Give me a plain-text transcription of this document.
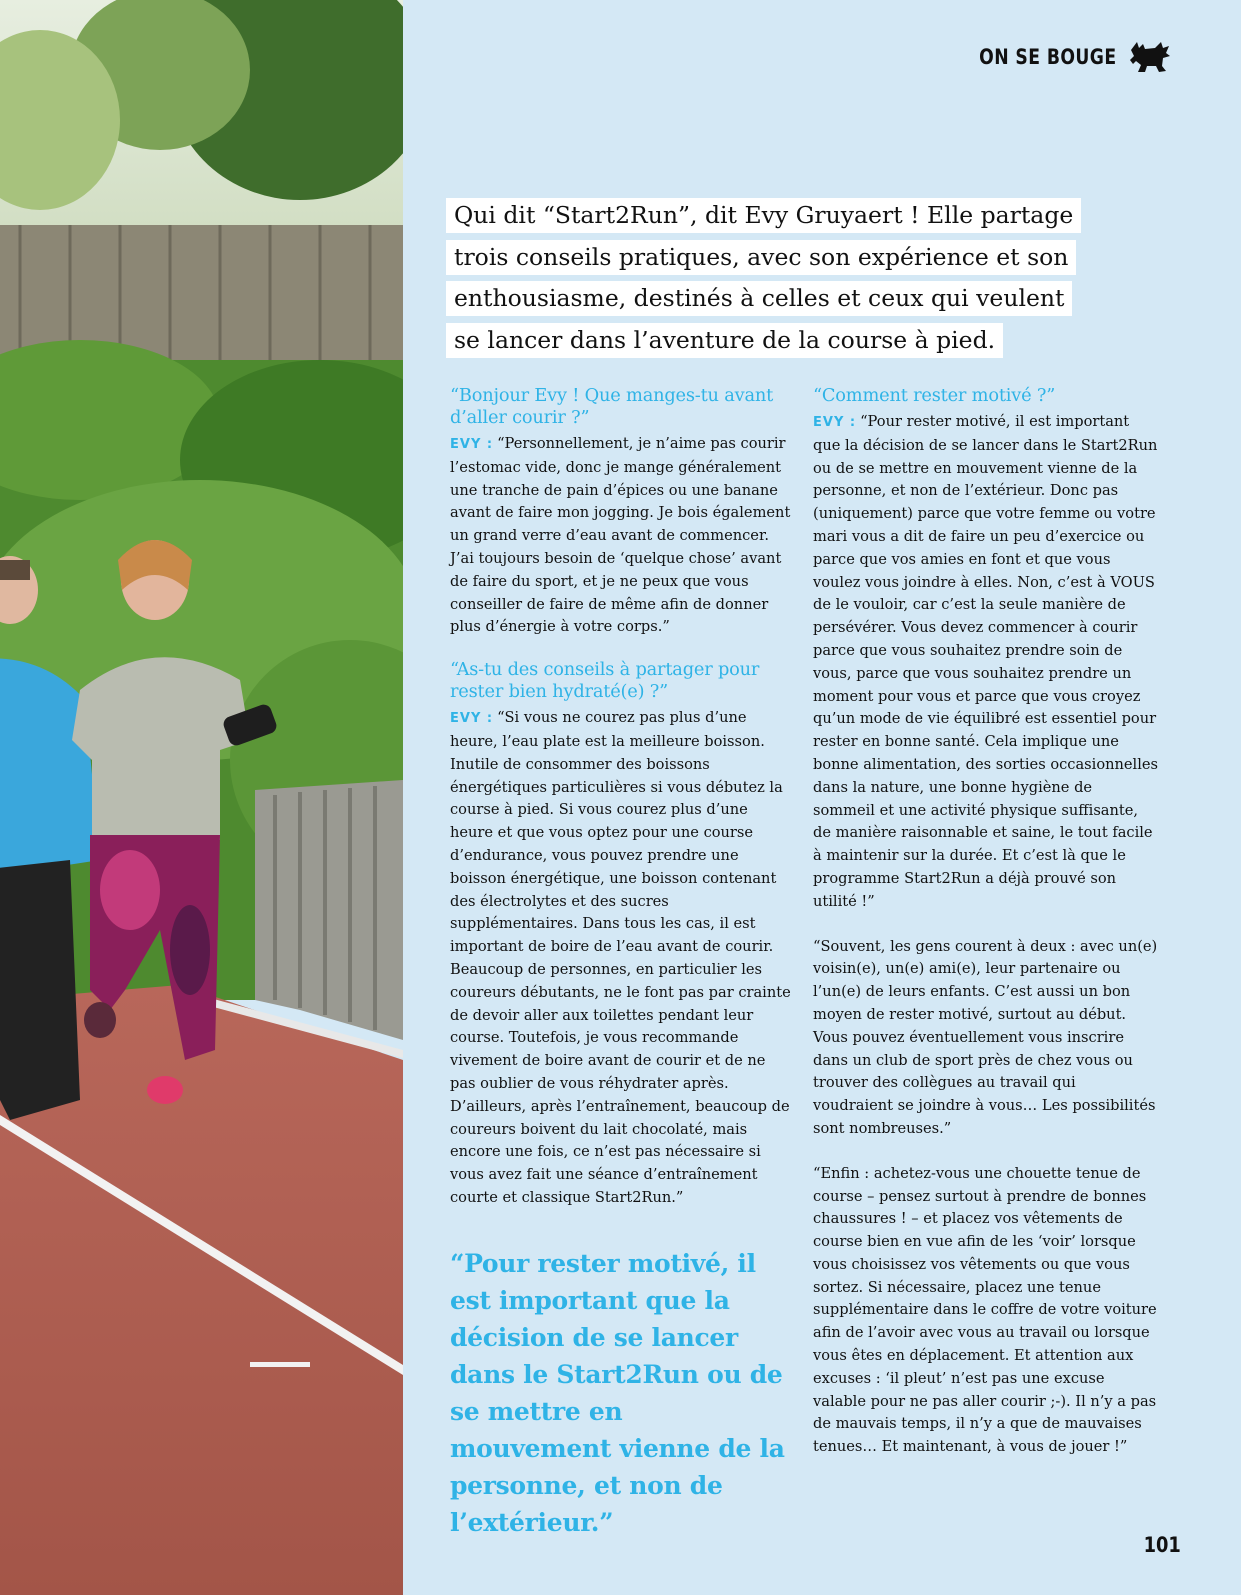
ON SE BOUGE
Qui dit “Start2Run”, dit Evy Gruyaert ! Elle partage
trois conseils pratiques, avec son expérience et son
enthousiasme, destinés à celles et ceux qui veulent
se lancer dans l’aventure de la course à pied.
“Bonjour Evy ! Que manges-tu avant d’aller courir ?”
EVY : “Personnellement, je n’aime pas courir l’estomac vide, donc je mange généralement une tranche de pain d’épices ou une banane avant de faire mon jogging. Je bois également un grand verre d’eau avant de commencer. J’ai toujours besoin de ‘quelque chose’ avant de faire du sport, et je ne peux que vous conseiller de faire de même afin de donner plus d’énergie à votre corps.”
“As-tu des conseils à partager pour rester bien hydraté(e) ?”
EVY : “Si vous ne courez pas plus d’une heure, l’eau plate est la meilleure boisson. Inutile de consommer des boissons énergétiques particulières si vous débutez la course à pied. Si vous courez plus d’une heure et que vous optez pour une course d’endurance, vous pouvez prendre une boisson énergétique, une boisson contenant des électrolytes et des sucres supplémentaires. Dans tous les cas, il est important de boire de l’eau avant de courir. Beaucoup de personnes, en particulier les coureurs débutants, ne le font pas par crainte de devoir aller aux toilettes pendant leur course. Toutefois, je vous recommande vivement de boire avant de courir et de ne pas oublier de vous réhydrater après. D’ailleurs, après l’entraînement, beaucoup de coureurs boivent du lait chocolaté, mais encore une fois, ce n’est pas nécessaire si vous avez fait une séance d’entraînement courte et classique Start2Run.”
“Pour rester motivé, il est important que la décision de se lancer dans le Start2Run ou de se mettre en mouvement vienne de la personne, et non de l’extérieur.”
“Comment rester motivé ?”
EVY : “Pour rester motivé, il est important que la décision de se lancer dans le Start2Run ou de se mettre en mouvement vienne de la personne, et non de l’extérieur. Donc pas (uniquement) parce que votre femme ou votre mari vous a dit de faire un peu d’exercice ou parce que vos amies en font et que vous voulez vous joindre à elles. Non, c’est à VOUS de le vouloir, car c’est la seule manière de persévérer. Vous devez commencer à courir parce que vous souhaitez prendre soin de vous, parce que vous souhaitez prendre un moment pour vous et parce que vous croyez qu’un mode de vie équilibré est essentiel pour rester en bonne santé. Cela implique une bonne alimentation, des sorties occasionnelles dans la nature, une bonne hygiène de sommeil et une activité physique suffisante, de manière raisonnable et saine, le tout facile à maintenir sur la durée. Et c’est là que le programme Start2Run a déjà prouvé son utilité !”
“Souvent, les gens courent à deux : avec un(e) voisin(e), un(e) ami(e), leur partenaire ou l’un(e) de leurs enfants. C’est aussi un bon moyen de rester motivé, surtout au début. Vous pouvez éventuellement vous inscrire dans un club de sport près de chez vous ou trouver des collègues au travail qui voudraient se joindre à vous… Les possibilités sont nombreuses.”
“Enfin : achetez-vous une chouette tenue de course – pensez surtout à prendre de bonnes chaussures ! – et placez vos vêtements de course bien en vue afin de les ‘voir’ lorsque vous choisissez vos vêtements ou que vous sortez. Si nécessaire, placez une tenue supplémentaire dans le coffre de votre voiture afin de l’avoir avec vous au travail ou lorsque vous êtes en déplacement. Et attention aux excuses : ‘il pleut’ n’est pas une excuse valable pour ne pas aller courir ;-). Il n’y a pas de mauvais temps, il n’y a que de mauvaises tenues… Et maintenant, à vous de jouer !”
101
